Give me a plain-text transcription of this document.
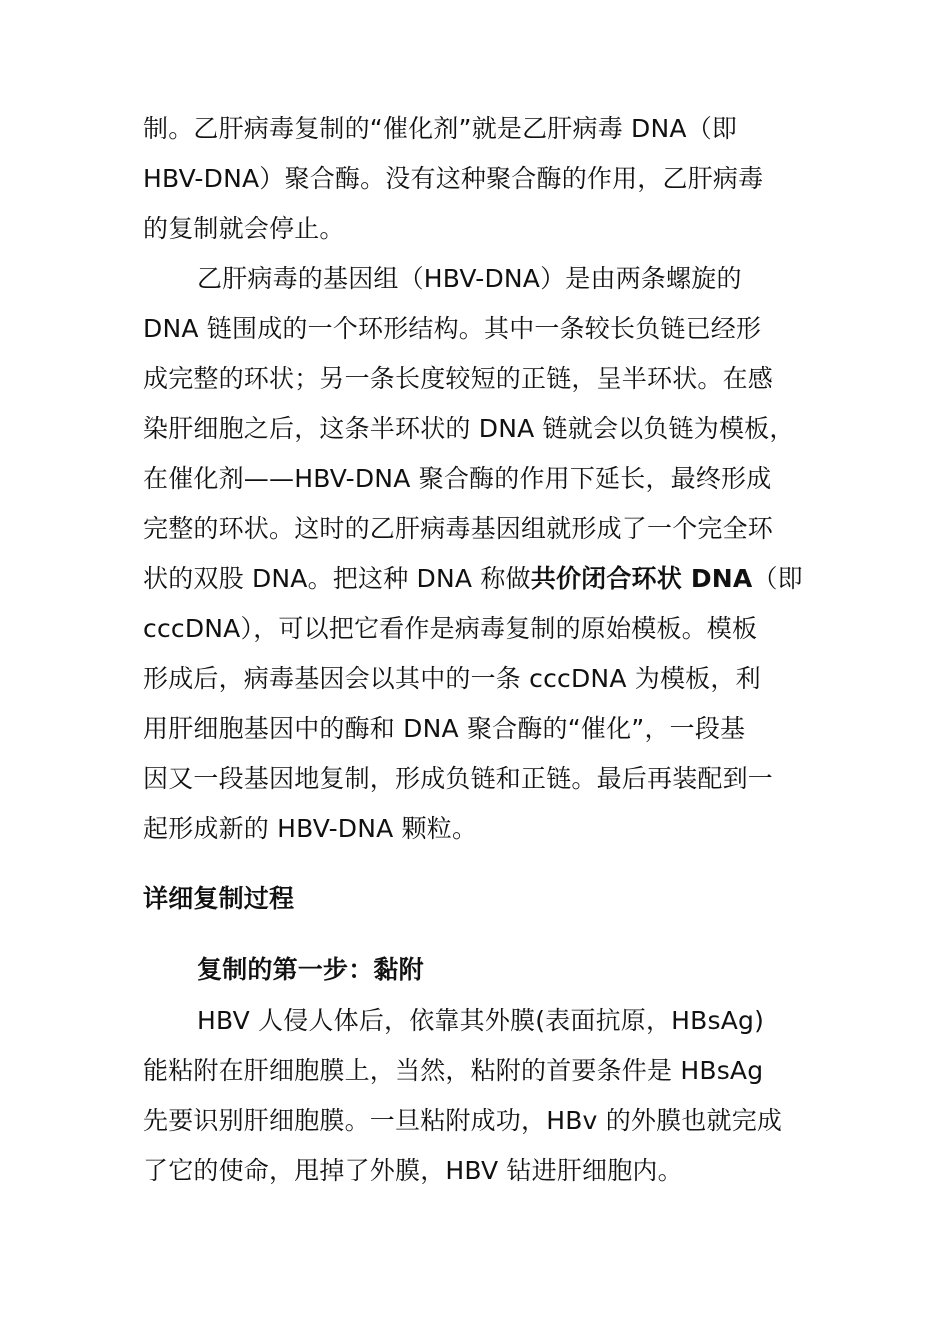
制。乙肝病毒复制的“催化剂”就是乙肝病毒 DNA（即
HBV-DNA）聚合酶。没有这种聚合酶的作用，乙肝病毒
的复制就会停止。
乙肝病毒的基因组（HBV-DNA）是由两条螺旋的
DNA 链围成的一个环形结构。其中一条较长负链已经形
成完整的环状；另一条长度较短的正链，呈半环状。在感
染肝细胞之后，这条半环状的 DNA 链就会以负链为模板，
在催化剂——HBV-DNA 聚合酶的作用下延长，最终形成
完整的环状。这时的乙肝病毒基因组就形成了一个完全环
状的双股 DNA。把这种 DNA 称做共价闭合环状 DNA（即
cccDNA），可以把它看作是病毒复制的原始模板。模板
形成后，病毒基因会以其中的一条 cccDNA 为模板，利
用肝细胞基因中的酶和 DNA 聚合酶的“催化”，一段基
因又一段基因地复制，形成负链和正链。最后再装配到一
起形成新的 HBV-DNA 颗粒。
详细复制过程
复制的第一步：黏附
HBV 人侵人体后，依靠其外膜(表面抗原，HBsAg)
能粘附在肝细胞膜上，当然，粘附的首要条件是 HBsAg
先要识别肝细胞膜。一旦粘附成功，HBv 的外膜也就完成
了它的使命，甩掉了外膜，HBV 钻进肝细胞内。
